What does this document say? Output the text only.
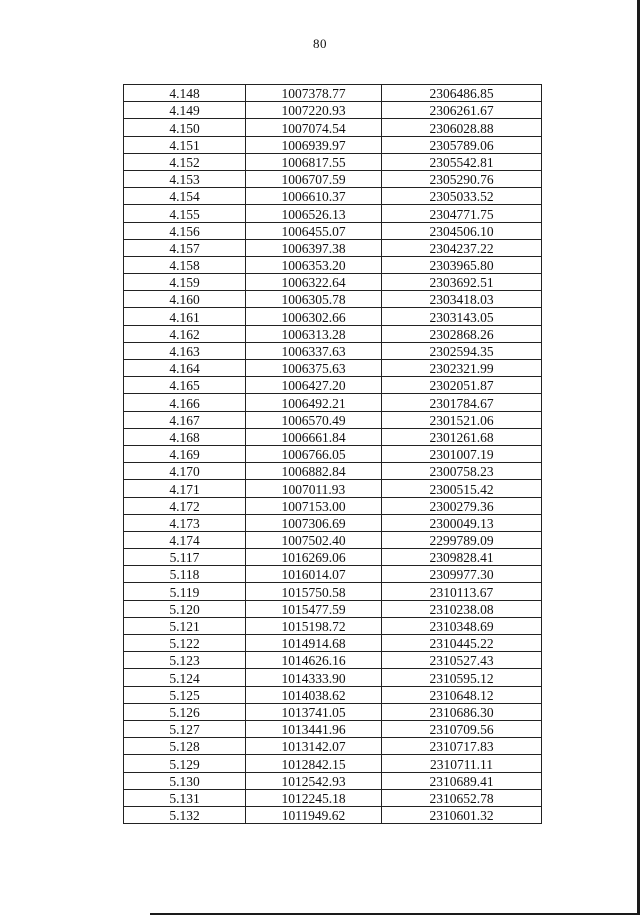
80
4.148	1007378.77	2306486.85
4.149	1007220.93	2306261.67
4.150	1007074.54	2306028.88
4.151	1006939.97	2305789.06
4.152	1006817.55	2305542.81
4.153	1006707.59	2305290.76
4.154	1006610.37	2305033.52
4.155	1006526.13	2304771.75
4.156	1006455.07	2304506.10
4.157	1006397.38	2304237.22
4.158	1006353.20	2303965.80
4.159	1006322.64	2303692.51
4.160	1006305.78	2303418.03
4.161	1006302.66	2303143.05
4.162	1006313.28	2302868.26
4.163	1006337.63	2302594.35
4.164	1006375.63	2302321.99
4.165	1006427.20	2302051.87
4.166	1006492.21	2301784.67
4.167	1006570.49	2301521.06
4.168	1006661.84	2301261.68
4.169	1006766.05	2301007.19
4.170	1006882.84	2300758.23
4.171	1007011.93	2300515.42
4.172	1007153.00	2300279.36
4.173	1007306.69	2300049.13
4.174	1007502.40	2299789.09
5.117	1016269.06	2309828.41
5.118	1016014.07	2309977.30
5.119	1015750.58	2310113.67
5.120	1015477.59	2310238.08
5.121	1015198.72	2310348.69
5.122	1014914.68	2310445.22
5.123	1014626.16	2310527.43
5.124	1014333.90	2310595.12
5.125	1014038.62	2310648.12
5.126	1013741.05	2310686.30
5.127	1013441.96	2310709.56
5.128	1013142.07	2310717.83
5.129	1012842.15	2310711.11
5.130	1012542.93	2310689.41
5.131	1012245.18	2310652.78
5.132	1011949.62	2310601.32
